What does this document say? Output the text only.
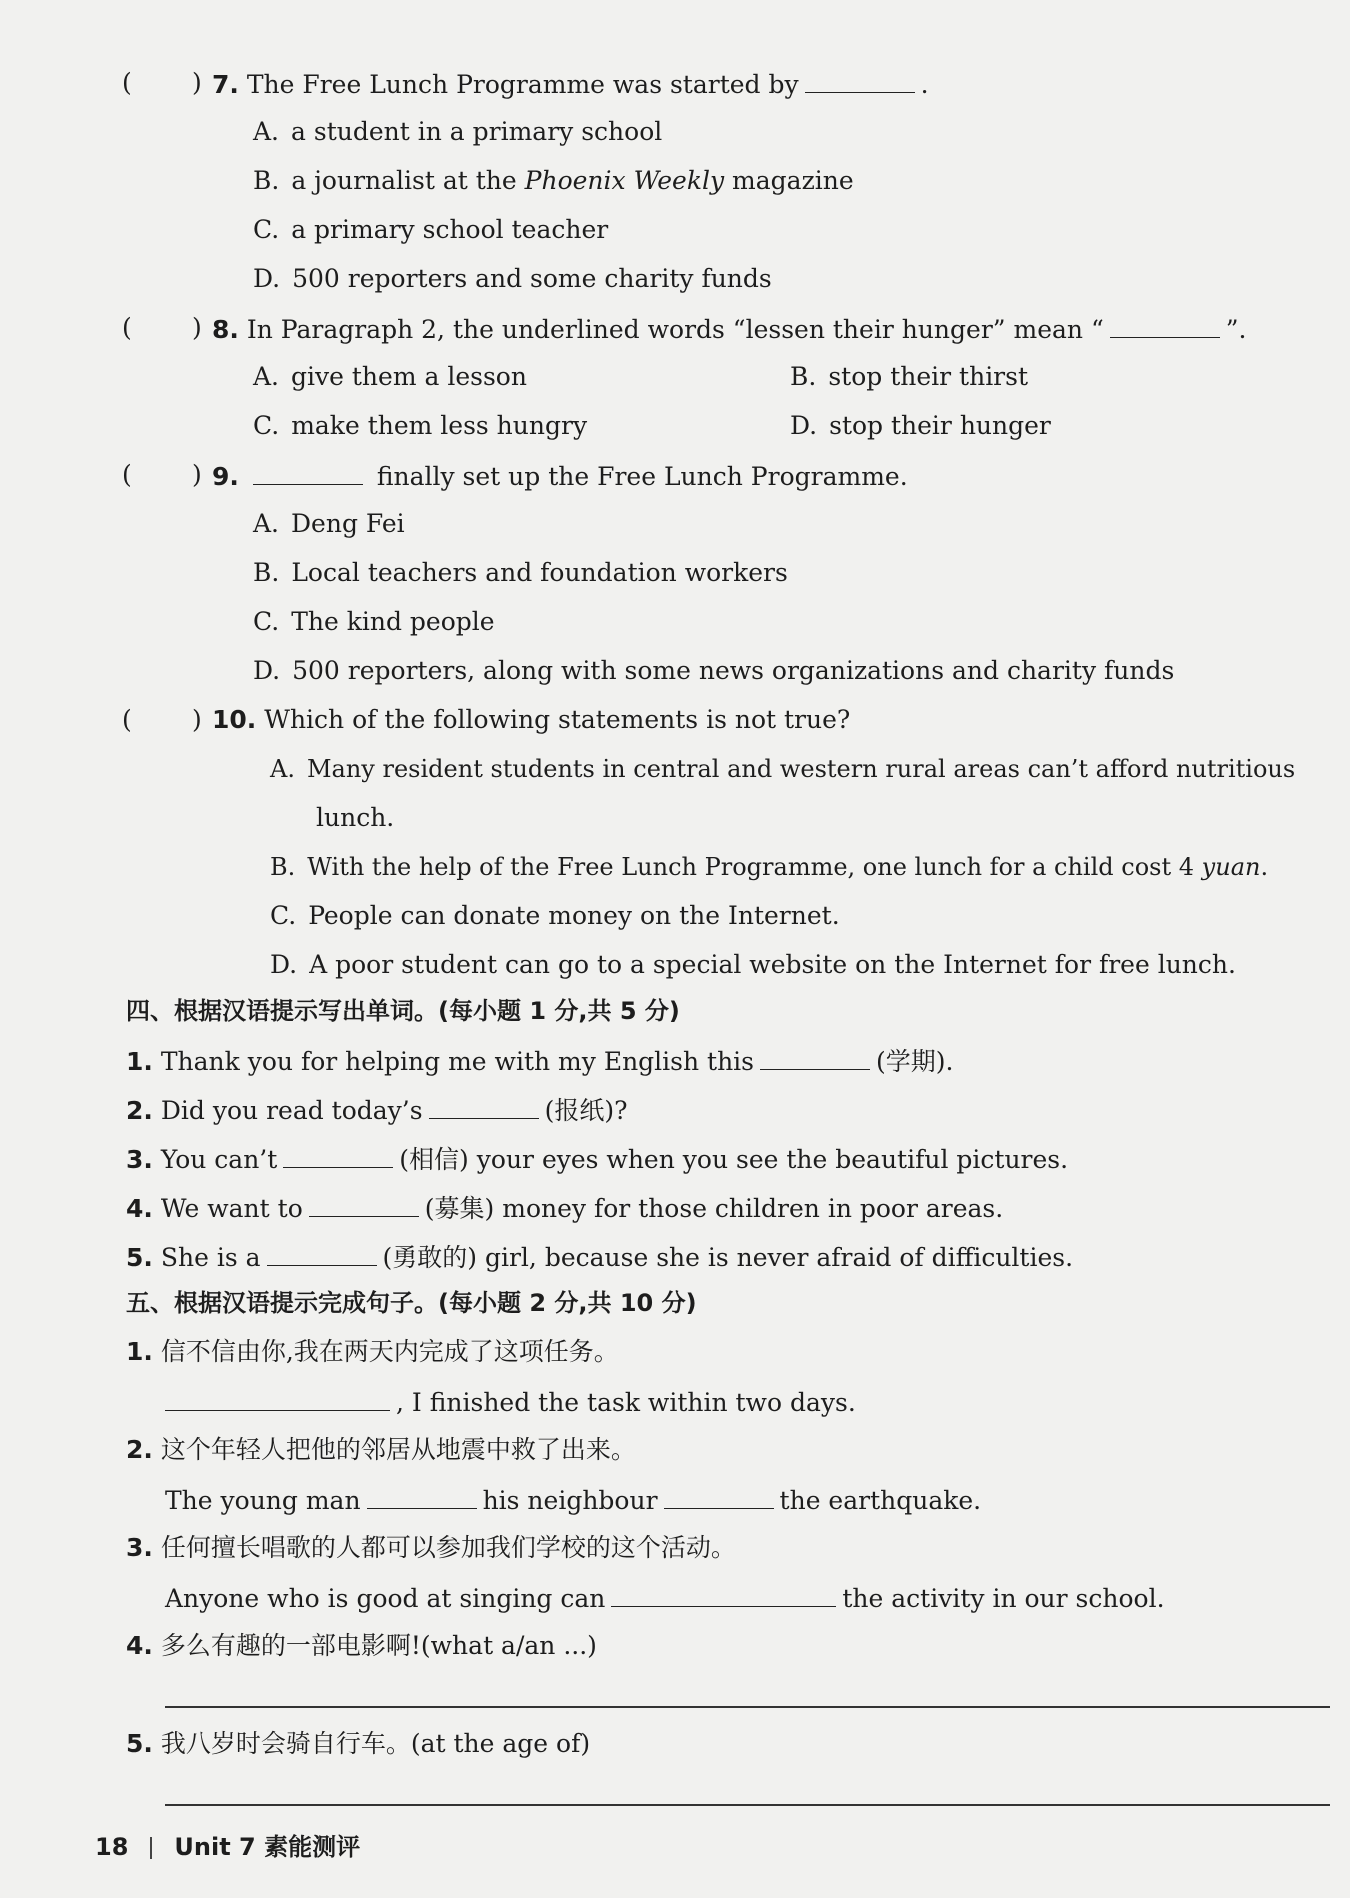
( ) 7. The Free Lunch Programme was started by	.
A. a student in a primary school
B. a journalist at the Phoenix Weekly magazine
C. a primary school teacher
D. 500 reporters and some charity funds
( ) 8. In Paragraph 2, the underlined words “lessen their hunger” mean “	”.
A. give them a lesson	B. stop their thirst
C. make them less hungry	D. stop their hunger
( ) 9.	finally set up the Free Lunch Programme.
A. Deng Fei
B. Local teachers and foundation workers
C. The kind people
D. 500 reporters, along with some news organizations and charity funds
( ) 10. Which of the following statements is not true?
A. Many resident students in central and western rural areas can’t afford nutritious
lunch.
B. With the help of the Free Lunch Programme, one lunch for a child cost 4 yuan.
C. People can donate money on the Internet.
D. A poor student can go to a special website on the Internet for free lunch.
四、根据汉语提示写出单词。(每小题 1 分,共 5 分)
1. Thank you for helping me with my English this	(学期).
2. Did you read today’s	(报纸)?
3. You can’t	(相信) your eyes when you see the beautiful pictures.
4. We want to	(募集) money for those children in poor areas.
5. She is a	(勇敢的) girl, because she is never afraid of difficulties.
五、根据汉语提示完成句子。(每小题 2 分,共 10 分)
1. 信不信由你,我在两天内完成了这项任务。
, I finished the task within two days.
2. 这个年轻人把他的邻居从地震中救了出来。
The young man	his neighbour	the earthquake.
3. 任何擅长唱歌的人都可以参加我们学校的这个活动。
Anyone who is good at singing can	the activity in our school.
4. 多么有趣的一部电影啊!(what a/an ...)
5. 我八岁时会骑自行车。(at the age of)
18 Unit 7 素能测评
